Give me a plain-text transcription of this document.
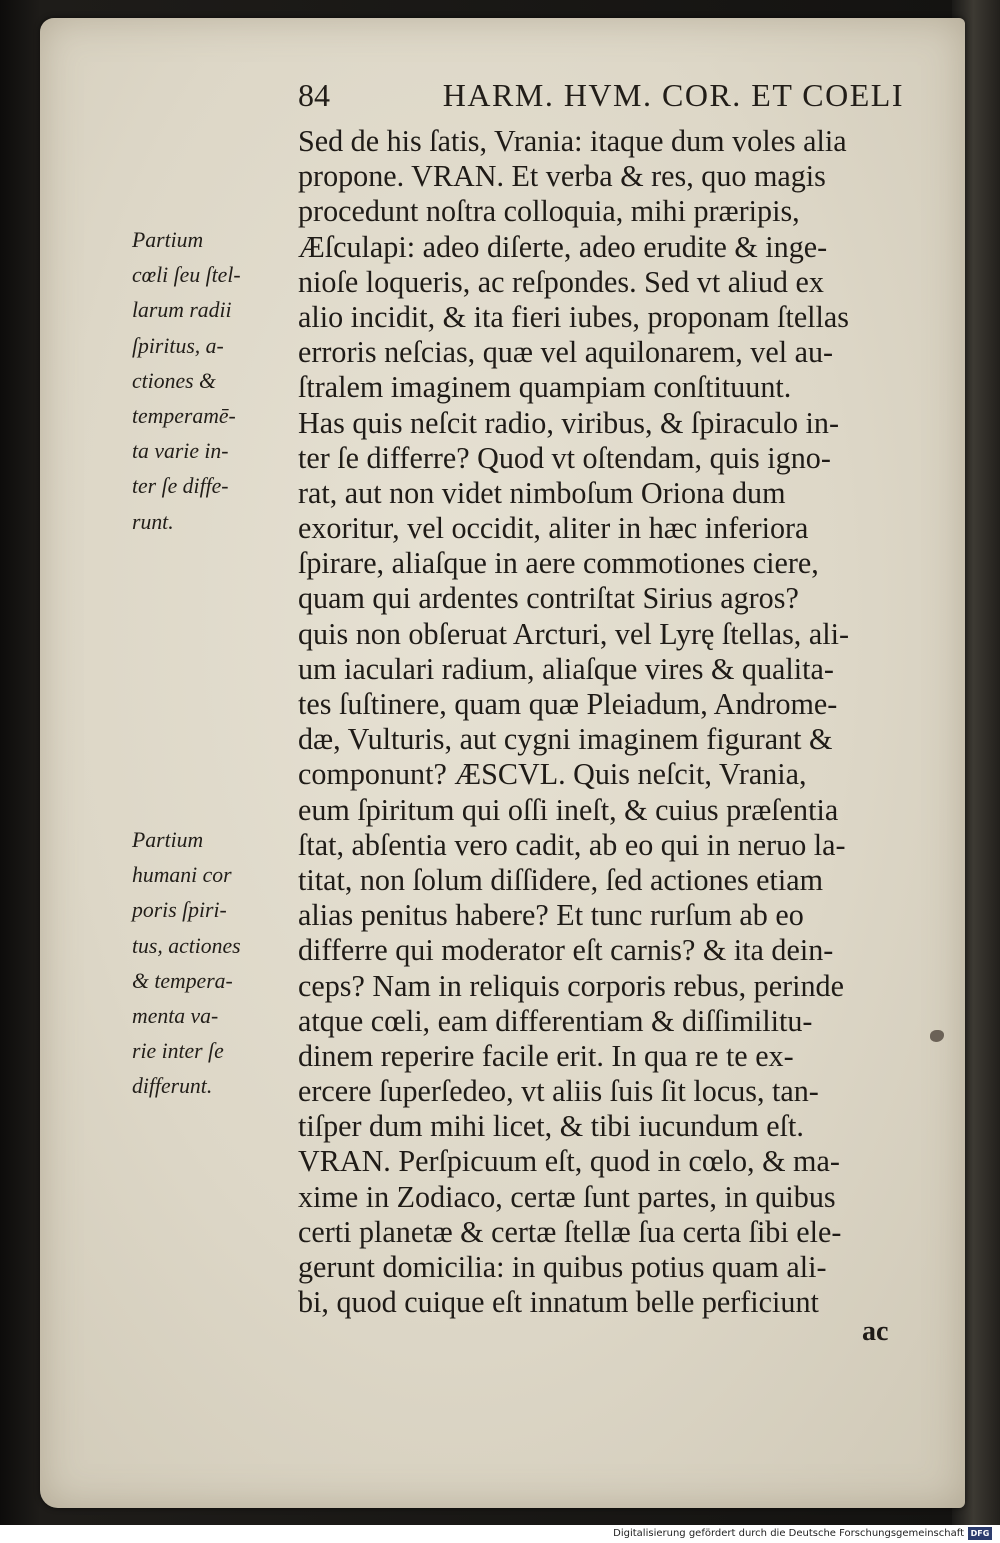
84	HARM. HVM. COR. ET COELI
Partium
cœli ſeu ſtel-
larum radii
ſpiritus, a-
ctiones &
temperamē-
ta varie in-
ter ſe diffe-
runt.
Partium
humani cor
poris ſpiri-
tus, actiones
& tempera-
menta va-
rie inter ſe
differunt.
Sed de his ſatis, Vrania: itaque dum voles alia
propone. VRAN. Et verba & res, quo magis
procedunt noſtra colloquia, mihi præripis,
Æſculapi: adeo diſerte, adeo erudite & inge-
nioſe loqueris, ac reſpondes. Sed vt aliud ex
alio incidit, & ita fieri iubes, proponam ſtellas
erroris neſcias, quæ vel aquilonarem, vel au-
ſtralem imaginem quampiam conſtituunt.
Has quis neſcit radio, viribus, & ſpiraculo in-
ter ſe differre? Quod vt oſtendam, quis igno-
rat, aut non videt nimboſum Oriona dum
exoritur, vel occidit, aliter in hæc inferiora
ſpirare, aliaſque in aere commotiones ciere,
quam qui ardentes contriſtat Sirius agros?
quis non obſeruat Arcturi, vel Lyrę ſtellas, ali-
um iaculari radium, aliaſque vires & qualita-
tes ſuſtinere, quam quæ Pleiadum, Androme-
dæ, Vulturis, aut cygni imaginem figurant &
componunt? ÆSCVL. Quis neſcit, Vrania,
eum ſpiritum qui oſſi ineſt, & cuius præſentia
ſtat, abſentia vero cadit, ab eo qui in neruo la-
titat, non ſolum diſſidere, ſed actiones etiam
alias penitus habere? Et tunc rurſum ab eo
differre qui moderator eſt carnis? & ita dein-
ceps? Nam in reliquis corporis rebus, perinde
atque cœli, eam differentiam & diſſimilitu-
dinem reperire facile erit. In qua re te ex-
ercere ſuperſedeo, vt aliis ſuis ſit locus, tan-
tiſper dum mihi licet, & tibi iucundum eſt.
VRAN. Perſpicuum eſt, quod in cœlo, & ma-
xime in Zodiaco, certæ ſunt partes, in quibus
certi planetæ & certæ ſtellæ ſua certa ſibi ele-
gerunt domicilia: in quibus potius quam ali-
bi, quod cuique eſt innatum belle perficiunt
ac
Digitalisierung gefördert durch die Deutsche Forschungsgemeinschaft DFG
